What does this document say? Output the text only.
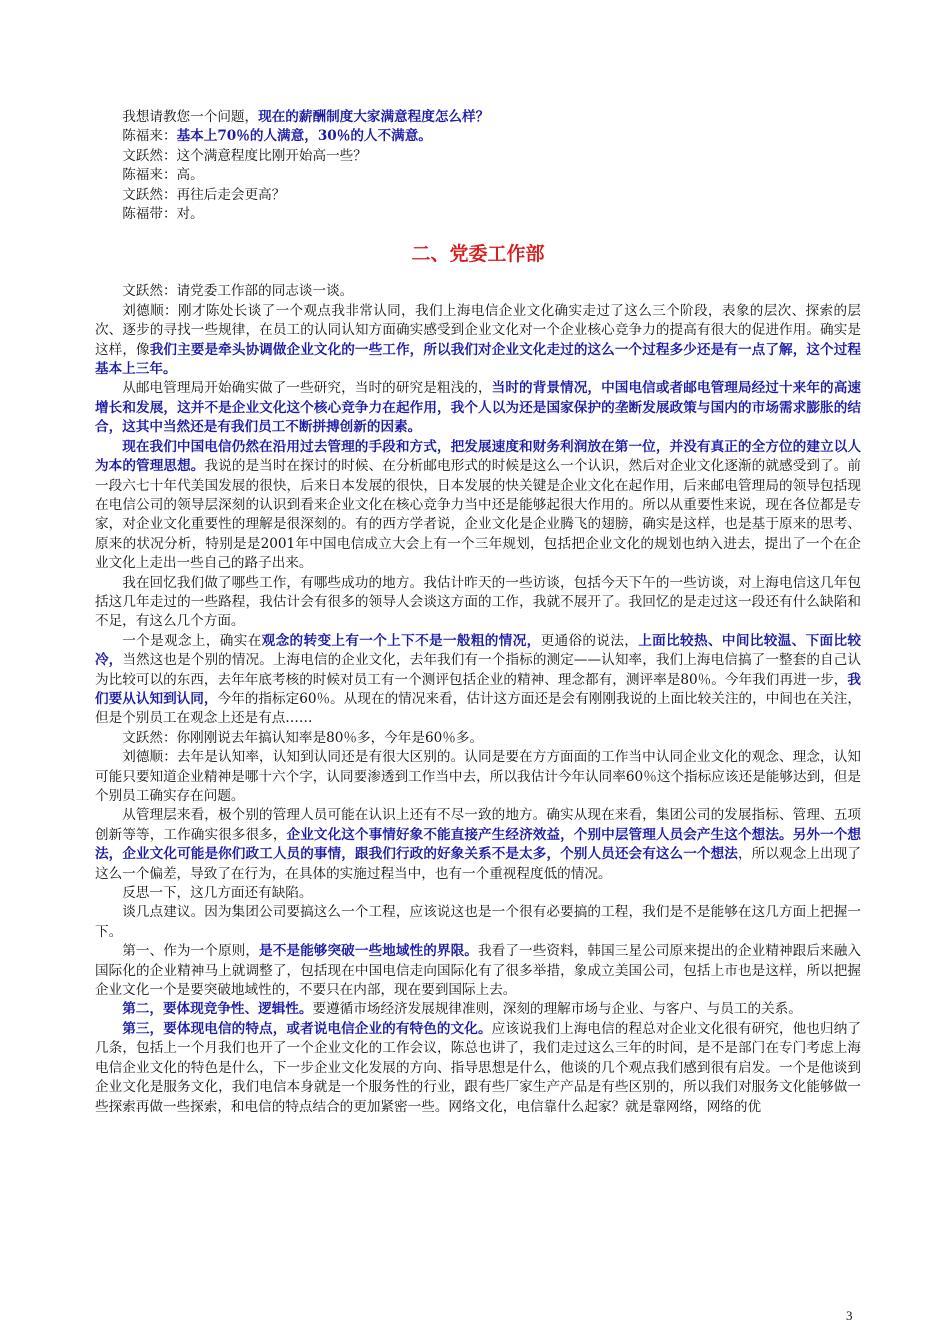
我想请教您一个问题，现在的薪酬制度大家满意程度怎么样？

陈福来：基本上70％的人满意，30％的人不满意。

文跃然：这个满意程度比刚开始高一些？

陈福来：高。

文跃然：再往后走会更高？

陈福带：对。

二、党委工作部

文跃然：请党委工作部的同志谈一谈。

刘德顺：刚才陈处长谈了一个观点我非常认同，我们上海电信企业文化确实走过了这么三个阶段，表象的层次、探索的层次、逐步的寻找一些规律，在员工的认同认知方面确实感受到企业文化对一个企业核心竞争力的提高有很大的促进作用。确实是这样，像我们主要是牵头协调做企业文化的一些工作，所以我们对企业文化走过的这么一个过程多少还是有一点了解，这个过程基本上三年。

从邮电管理局开始确实做了一些研究，当时的研究是粗浅的，当时的背景情况，中国电信或者邮电管理局经过十来年的高速增长和发展，这并不是企业文化这个核心竞争力在起作用，我个人以为还是国家保护的垄断发展政策与国内的市场需求膨胀的结合，这其中当然还是有我们员工不断拼搏创新的因素。

现在我们中国电信仍然在沿用过去管理的手段和方式，把发展速度和财务利润放在第一位，并没有真正的全方位的建立以人为本的管理思想。我说的是当时在探讨的时候、在分析邮电形式的时候是这么一个认识，然后对企业文化逐渐的就感受到了。前一段六七十年代美国发展的很快，后来日本发展的很快，日本发展的快关键是企业文化在起作用，后来邮电管理局的领导包括现在电信公司的领导层深刻的认识到看来企业文化在核心竞争力当中还是能够起很大作用的。所以从重要性来说，现在各位都是专家，对企业文化重要性的理解是很深刻的。有的西方学者说，企业文化是企业腾飞的翅膀，确实是这样，也是基于原来的思考、原来的状况分析，特别是是2001年中国电信成立大会上有一个三年规划，包括把企业文化的规划也纳入进去，提出了一个在企业文化上走出一些自己的路子出来。

我在回忆我们做了哪些工作，有哪些成功的地方。我估计昨天的一些访谈，包括今天下午的一些访谈，对上海电信这几年包括这几年走过的一些路程，我估计会有很多的领导人会谈这方面的工作，我就不展开了。我回忆的是走过这一段还有什么缺陷和不足，有这么几个方面。

一个是观念上，确实在观念的转变上有一个上下不是一般粗的情况，更通俗的说法，上面比较热、中间比较温、下面比较冷，当然这也是个别的情况。上海电信的企业文化，去年我们有一个指标的测定——认知率，我们上海电信搞了一整套的自己认为比较可以的东西，去年年底考核的时候对员工有一个测评包括企业的精神、理念都有，测评率是80％。今年我们再进一步，我们要从认知到认同，今年的指标定60％。从现在的情况来看，估计这方面还是会有刚刚我说的上面比较关注的，中间也在关注，但是个别员工在观念上还是有点……

文跃然：你刚刚说去年搞认知率是80％多，今年是60％多。

刘德顺：去年是认知率，认知到认同还是有很大区别的。认同是要在方方面面的工作当中认同企业文化的观念、理念，认知可能只要知道企业精神是哪十六个字，认同要渗透到工作当中去，所以我估计今年认同率60％这个指标应该还是能够达到，但是个别员工确实存在问题。

从管理层来看，极个别的管理人员可能在认识上还有不尽一致的地方。确实从现在来看，集团公司的发展指标、管理、五项创新等等，工作确实很多很多，企业文化这个事情好象不能直接产生经济效益，个别中层管理人员会产生这个想法。另外一个想法，企业文化可能是你们政工人员的事情，跟我们行政的好象关系不是太多，个别人员还会有这么一个想法，所以观念上出现了这么一个偏差，导致了在行为，在具体的实施过程当中，也有一个重视程度低的情况。

反思一下，这几方面还有缺陷。

谈几点建议。因为集团公司要搞这么一个工程，应该说这也是一个很有必要搞的工程，我们是不是能够在这几方面上把握一下。

第一、作为一个原则，是不是能够突破一些地域性的界限。我看了一些资料，韩国三星公司原来提出的企业精神跟后来融入国际化的企业精神马上就调整了，包括现在中国电信走向国际化有了很多举措，象成立美国公司，包括上市也是这样，所以把握企业文化一个是要突破地域性的，不要只在内部，现在要到国际上去。

第二，要体现竞争性、逻辑性。要遵循市场经济发展规律准则，深刻的理解市场与企业、与客户、与员工的关系。

第三，要体现电信的特点，或者说电信企业的有特色的文化。应该说我们上海电信的程总对企业文化很有研究，他也归纳了几条，包括上一个月我们也开了一个企业文化的工作会议，陈总也讲了，我们走过这么三年的时间，是不是部门在专门考虑上海电信企业文化的特色是什么，下一步企业文化发展的方向、指导思想是什么，他谈的几个观点我们感到很有启发。一个是他谈到企业文化是服务文化，我们电信本身就是一个服务性的行业，跟有些厂家生产产品是有些区别的，所以我们对服务文化能够做一些探索再做一些探索，和电信的特点结合的更加紧密一些。网络文化，电信靠什么起家？就是靠网络，网络的优

3
